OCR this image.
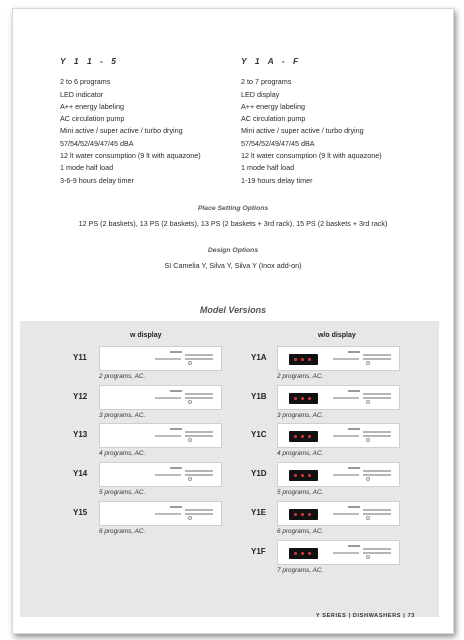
Y 1 1 - 5

2 to 6 programs

LED indicator

A++ energy labeling

AC circulation pump

Mini active / super active / turbo drying

57/54/52/49/47/45 dBA

12 lt water consumption (9 lt with aquazone)

1 mode half load

3-6-9 hours delay timer

Y 1 A - F

2 to 7 programs

LED display

A++ energy labeling

AC circulation pump

Mini active / super active / turbo drying

57/54/52/49/47/45 dBA

12 lt water consumption (9 lt with aquazone)

1 mode half load

1-19 hours delay timer

Place Setting Options
12 PS (2 baskets), 13 PS (2 baskets), 13 PS (2 baskets + 3rd rack), 15 PS (2 baskets + 3rd rack)
Design Options
SI Camelia Y, Silva Y, Silva Y (Inox add-on)
Model Versions
w display	w/o display
Y11
2 programs, AC.
Y12
3 programs, AC.
Y13
4 programs, AC.
Y14
5 programs, AC.
Y15
6 programs, AC.
Y1A
2 programs, AC.
Y1B
3 programs, AC.
Y1C
4 programs, AC.
Y1D
5 programs, AC.
Y1E
6 programs, AC.
Y1F
7 programs, AC.
Y SERIES | DISHWASHERS | 73
